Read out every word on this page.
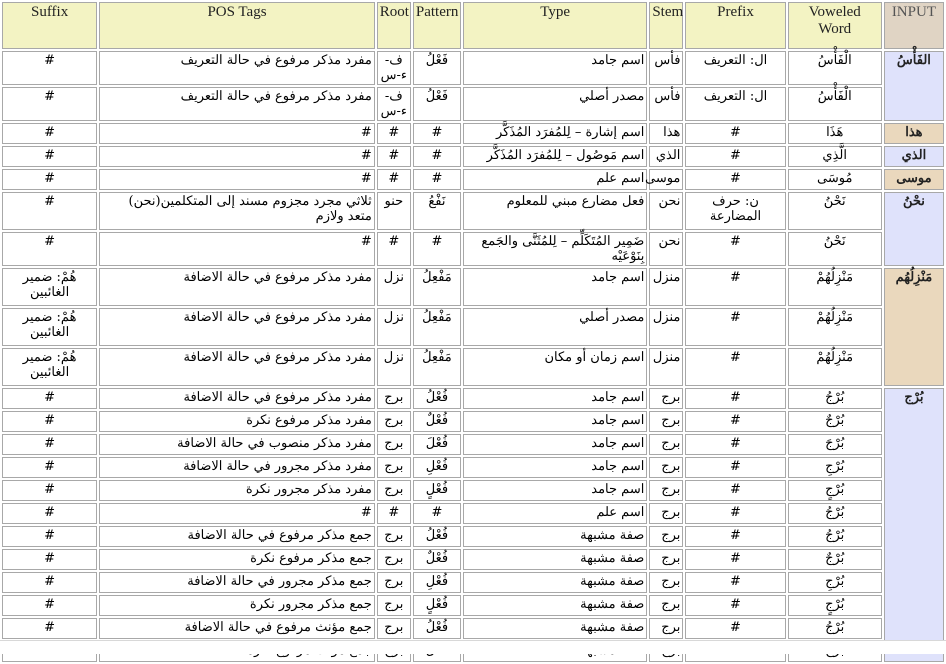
Suffix	POS Tags	Root	Pattern	Type	Stem	Prefix	Voweled Word	INPUT
#	مفرد مذكر مرفوع في حالة التعريف	ف-ء-س	فَعْلُ	اسم جامد	فأس	ال: التعريف	الْفَأْسُ	الفَأْسُ
#	مفرد مذكر مرفوع في حالة التعريف	ف-ء-س	فَعْلُ	مصدر أصلي	فأس	ال: التعريف	الْفَأْسُ	
#	#	#	#	اسم إشارة – لِلمُفرَد المُذَكَّر	هذا	#	هَذَا	هذا
#	#	#	#	اسم مَوصُول – لِلمُفرَد المُذَكَّر	الذي	#	الَّذِي	الذي
#	#	#	#	اسم علم	موسى	#	مُوسَى	موسى
#	ثلاثي مجرد مجزوم مسند إلى المتكلمين(نحن) متعد ولازم	حنو	نَفْعُ	فعل مضارع مبني للمعلوم	نحن	ن: حرف المضارعة	نَحْنُ	نحْنُ
#	#	#	#	ضَمِير المُتَكَلِّم – لِلمُثَنَّى والجَمع بِنَوْعَيْه	نحن	#	نَحْنُ	
هُمْ: ضمير الغائبين	مفرد مذكر مرفوع في حالة الاضافة	نزل	مَفْعِلُ	اسم جامد	منزل	#	مَنْزِلُهُمْ	مَنْزِلُهُم
هُمْ: ضمير الغائبين	مفرد مذكر مرفوع في حالة الاضافة	نزل	مَفْعِلُ	مصدر أصلي	منزل	#	مَنْزِلُهُمْ	
هُمْ: ضمير الغائبين	مفرد مذكر مرفوع في حالة الاضافة	نزل	مَفْعِلُ	اسم زمان أو مكان	منزل	#	مَنْزِلُهُمْ	
#	مفرد مذكر مرفوع في حالة الاضافة	برج	فُعْلُ	اسم جامد	برج	#	بُرْجُ	بُرْج
#	مفرد مذكر مرفوع نكرة	برج	فُعْلٌ	اسم جامد	برج	#	بُرْجٌ	
#	مفرد مذكر منصوب في حالة الاضافة	برج	فُعْلَ	اسم جامد	برج	#	بُرْجَ	
#	مفرد مذكر مجرور في حالة الاضافة	برج	فُعْلِ	اسم جامد	برج	#	بُرْجِ	
#	مفرد مذكر مجرور نكرة	برج	فُعْلٍ	اسم جامد	برج	#	بُرْجٍ	
#	#	#	#	اسم علم	برج	#	بُرْجُ	
#	جمع مذكر مرفوع في حالة الاضافة	برج	فُعْلُ	صفة مشبهة	برج	#	بُرْجُ	
#	جمع مذكر مرفوع نكرة	برج	فُعْلٌ	صفة مشبهة	برج	#	بُرْجٌ	
#	جمع مذكر مجرور في حالة الاضافة	برج	فُعْلِ	صفة مشبهة	برج	#	بُرْجِ	
#	جمع مذكر مجرور نكرة	برج	فُعْلٍ	صفة مشبهة	برج	#	بُرْجٍ	
#	جمع مؤنث مرفوع في حالة الاضافة	برج	فُعْلُ	صفة مشبهة	برج	#	بُرْجُ	
